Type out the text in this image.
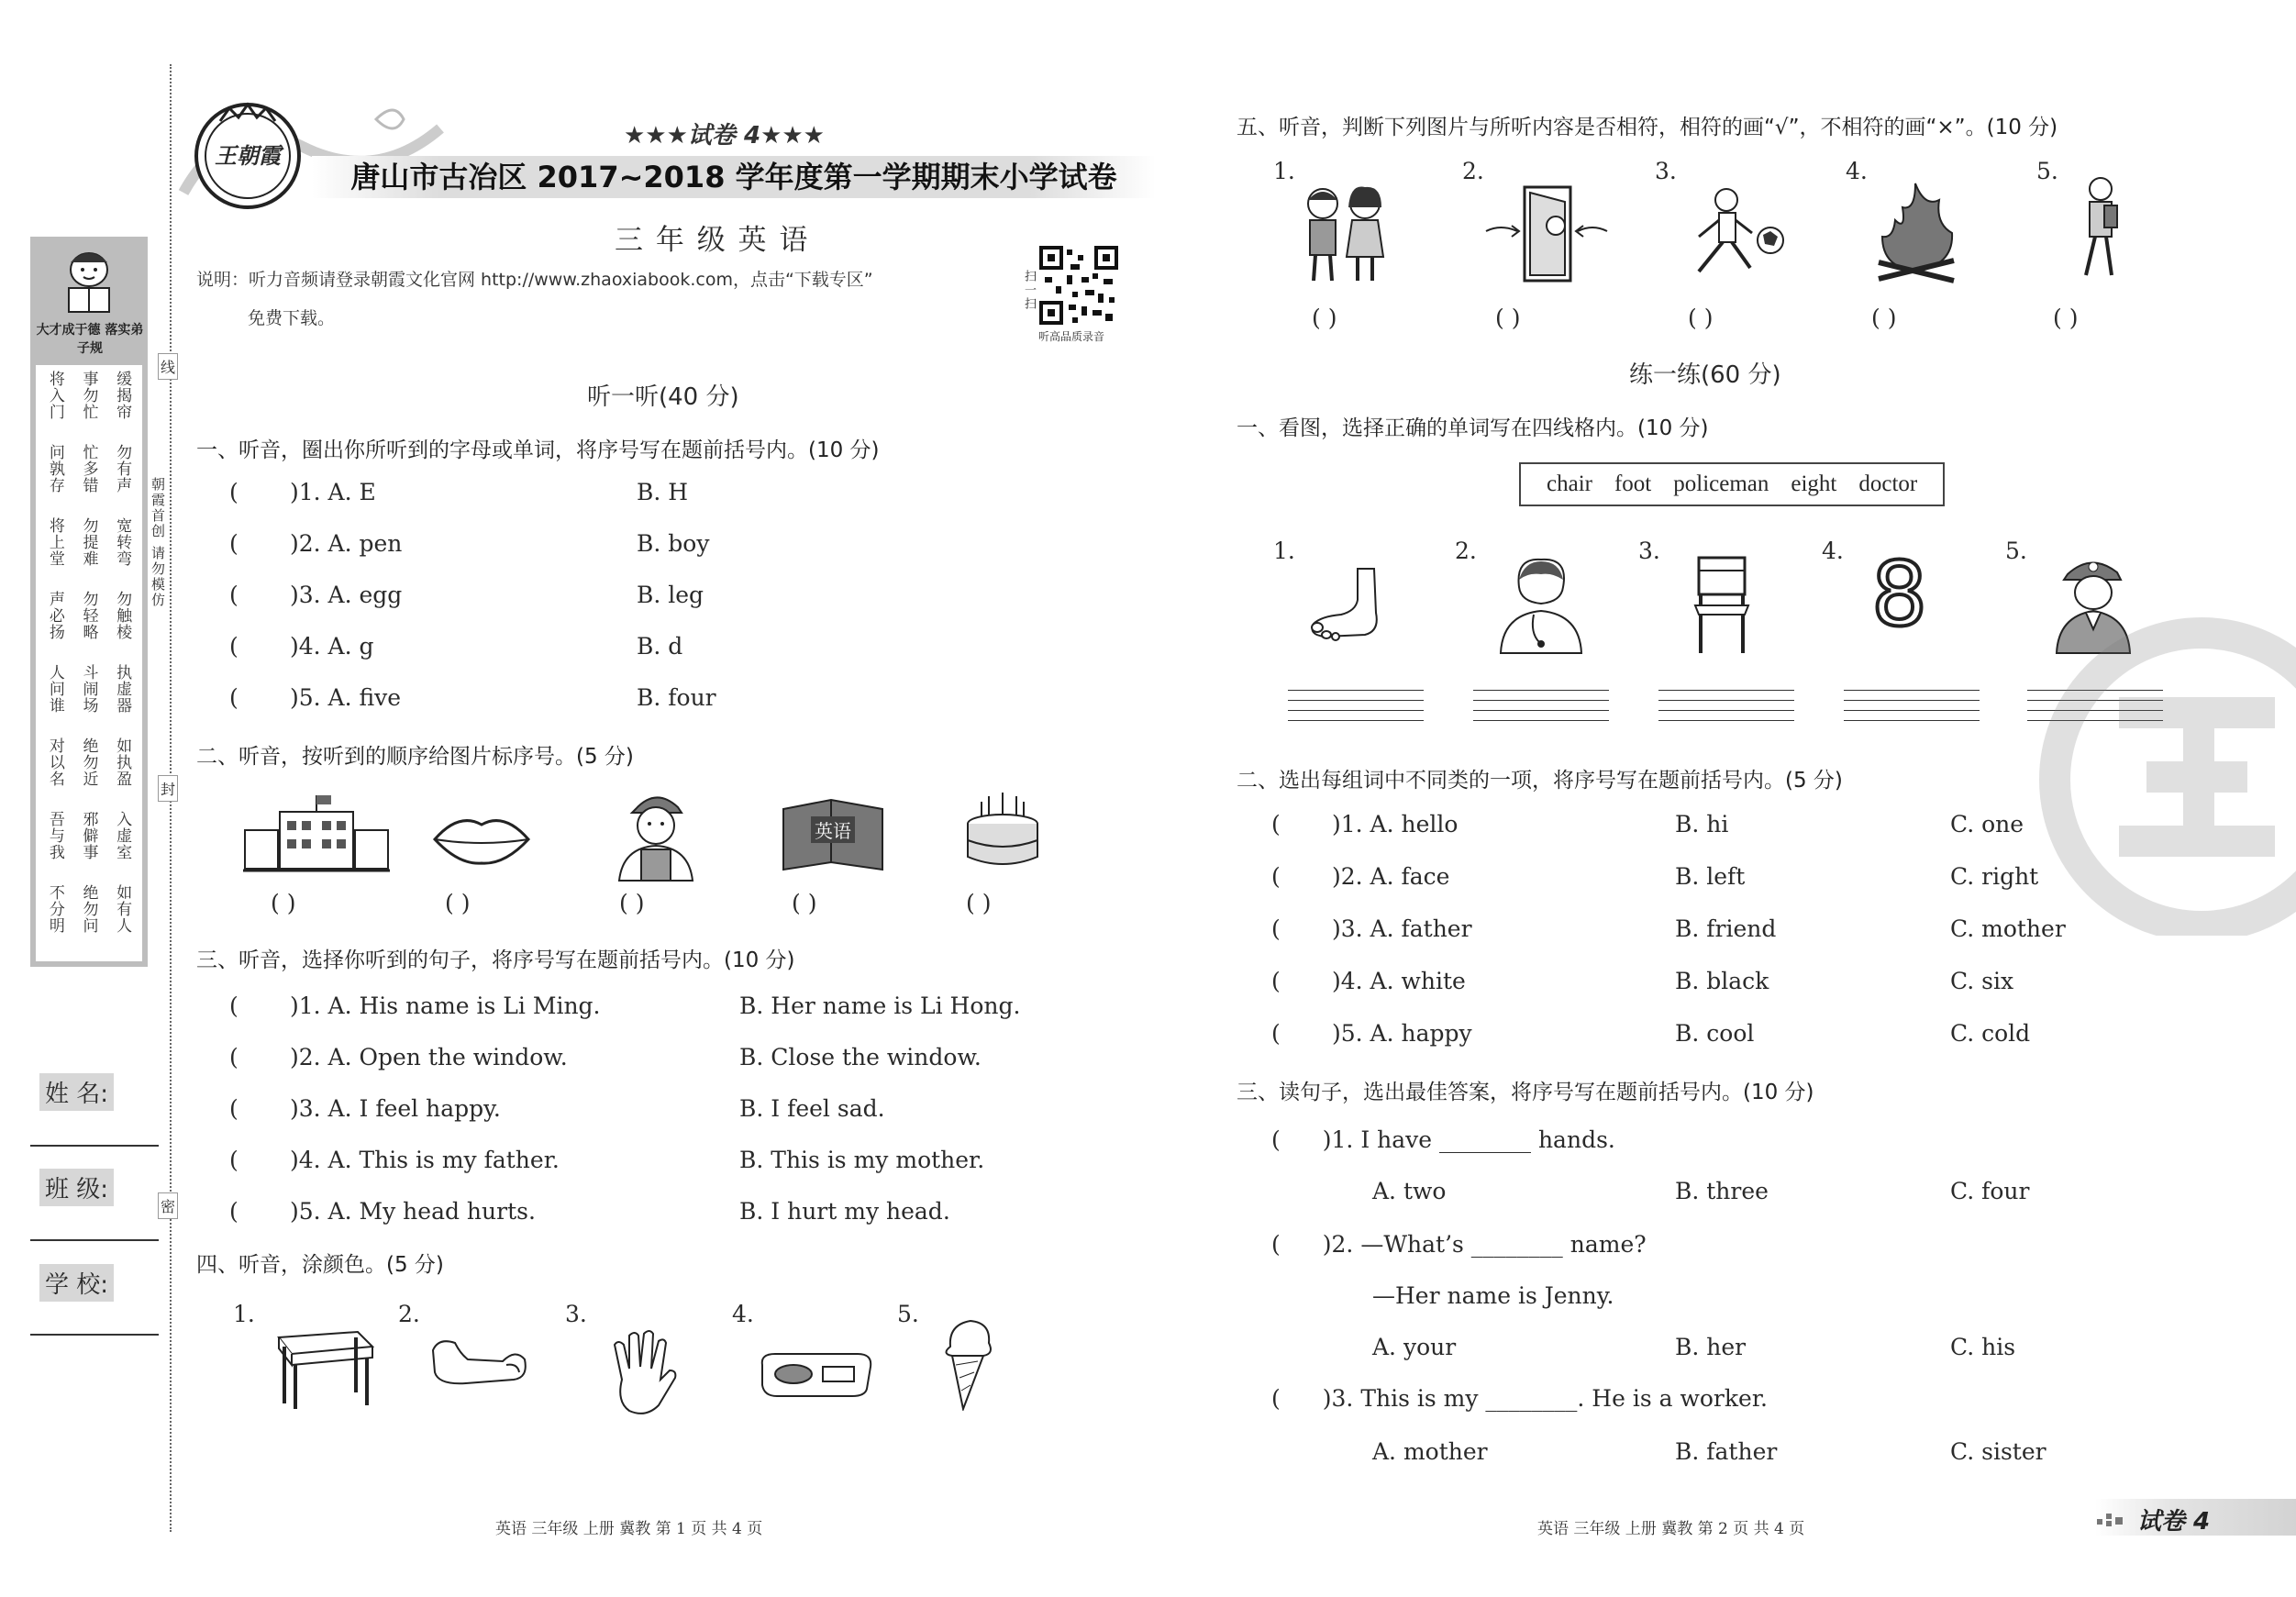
大才成于德 落实弟子规
将入门 事勿忙 缓揭帘
问孰存 忙多错 勿有声
将上堂 勿提难 宽转弯
声必扬 勿轻略 勿触棱
人问谁 斗闹场 执虚器
对以名 绝勿近 如执盈
吾与我 邪僻事 入虚室
不分明 绝勿问 如有人
姓 名:
班 级:
学 校:
线
封
密
朝霞首创 请勿模仿
王朝霞
★★★试卷 4★★★
唐山市古冶区 2017~2018 学年度第一学期期末小学试卷
三 年 级 英 语
说明：听力音频请登录朝霞文化官网 http://www.zhaoxiabook.com，点击“下载专区”
免费下载。
扫一扫
听高品质录音
听一听(40 分)
一、听音，圈出你所听到的字母或单词，将序号写在题前括号内。(10 分)
( )1. A. E	B. H
( )2. A. pen	B. boy
( )3. A. egg	B. leg
( )4. A. g	B. d
( )5. A. five	B. four
二、听音，按听到的顺序给图片标序号。(5 分)
英语
( )	( )	( )	( )	( )
三、听音，选择你听到的句子，将序号写在题前括号内。(10 分)
( )1. A. His name is Li Ming.	B. Her name is Li Hong.
( )2. A. Open the window.	B. Close the window.
( )3. A. I feel happy.	B. I feel sad.
( )4. A. This is my father.	B. This is my mother.
( )5. A. My head hurts.	B. I hurt my head.
四、听音，涂颜色。(5 分)
1.	2.	3.	4.	5.
英语 三年级 上册 冀教 第 1 页 共 4 页
五、听音，判断下列图片与所听内容是否相符，相符的画“√”，不相符的画“×”。(10 分)
1.	2.	3.	4.	5.
( )	( )	( )	( )	( )
练一练(60 分)
一、看图，选择正确的单词写在四线格内。(10 分)
chair foot policeman eight doctor
1.	2.	3.	4.	5.
8
二、选出每组词中不同类的一项，将序号写在题前括号内。(5 分)
( )1. A. hello	B. hi	C. one
( )2. A. face	B. left	C. right
( )3. A. father	B. friend	C. mother
( )4. A. white	B. black	C. six
( )5. A. happy	B. cool	C. cold
三、读句子，选出最佳答案，将序号写在题前括号内。(10 分)
( )1. I have ________ hands.
A. two	B. three	C. four
( )2. —What’s ________ name?
—Her name is Jenny.
A. your	B. her	C. his
( )3. This is my ________. He is a worker.
A. mother	B. father	C. sister
英语 三年级 上册 冀教 第 2 页 共 4 页	试卷 4
